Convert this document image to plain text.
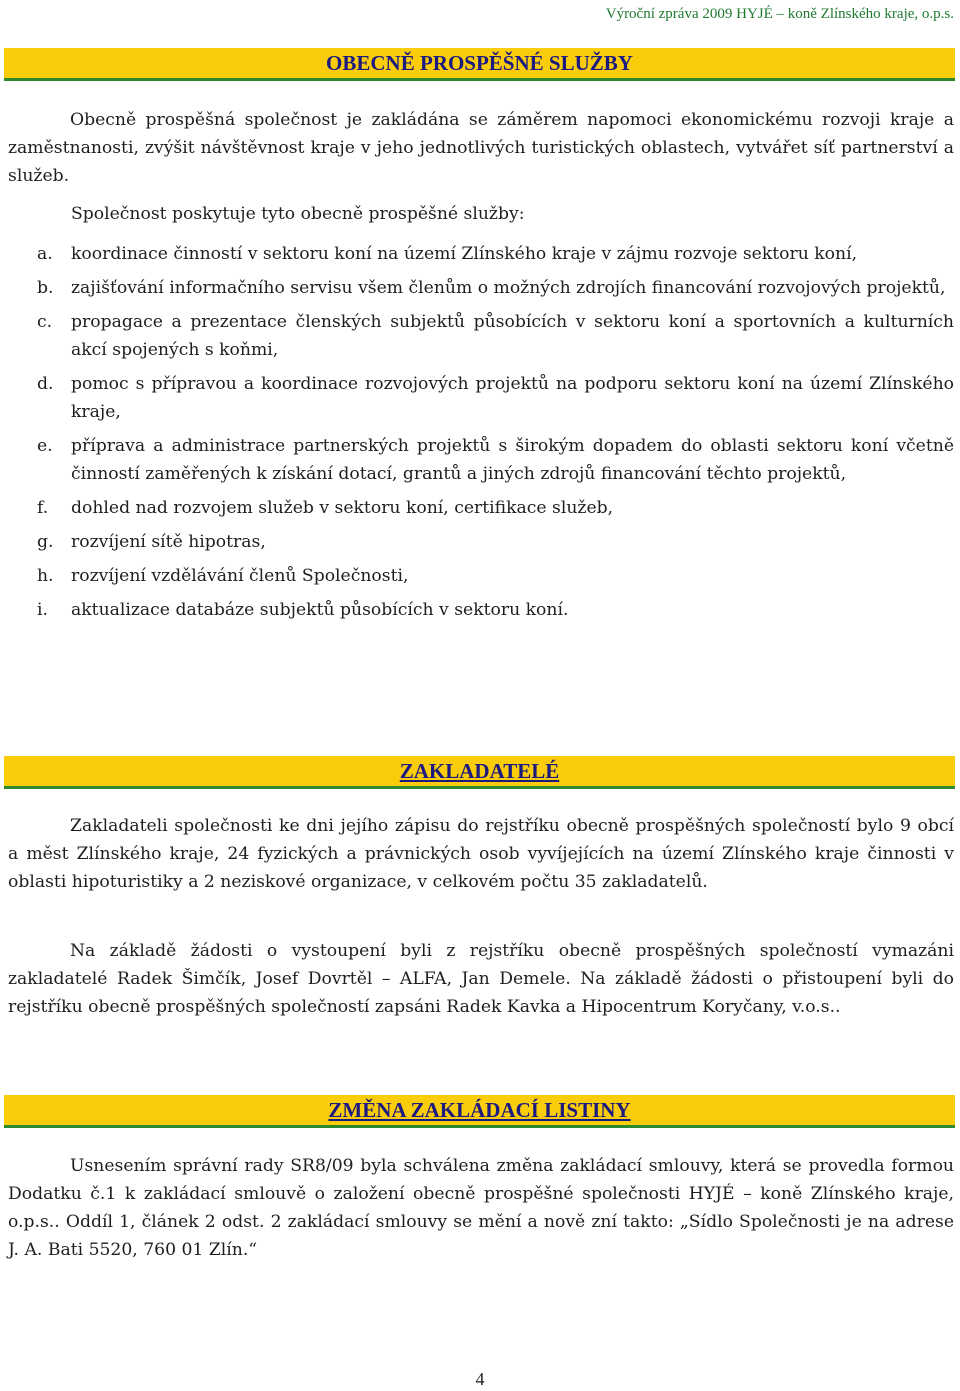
Výroční zpráva 2009 HYJÉ – koně Zlínského kraje, o.p.s.
OBECNĚ PROSPĚŠNÉ SLUŽBY

Obecně prospěšná společnost je zakládána se záměrem napomoci ekonomickému rozvoji kraje a zaměstnanosti, zvýšit návštěvnost kraje v jeho jednotlivých turistických oblastech, vytvářet síť partnerství a služeb.

Společnost poskytuje tyto obecně prospěšné služby:

a. koordinace činností v sektoru koní na území Zlínského kraje v zájmu rozvoje sektoru koní,
b. zajišťování informačního servisu všem členům o možných zdrojích financování rozvojových projektů,
c. propagace a prezentace členských subjektů působících v sektoru koní a sportovních a kulturních akcí spojených s koňmi,
d. pomoc s přípravou a koordinace rozvojových projektů na podporu sektoru koní na území Zlínského kraje,
e. příprava a administrace partnerských projektů s širokým dopadem do oblasti sektoru koní včetně činností zaměřených k získání dotací, grantů a jiných zdrojů financování těchto projektů,
f. dohled nad rozvojem služeb v sektoru koní, certifikace služeb,
g. rozvíjení sítě hipotras,
h. rozvíjení vzdělávání členů Společnosti,
i. aktualizace databáze subjektů působících v sektoru koní.
ZAKLADATELÉ

Zakladateli společnosti ke dni jejího zápisu do rejstříku obecně prospěšných společností bylo 9 obcí a měst Zlínského kraje, 24 fyzických a právnických osob vyvíjejících na území Zlínského kraje činnosti v oblasti hipoturistiky a 2 neziskové organizace, v celkovém počtu 35 zakladatelů.

Na základě žádosti o vystoupení byli z rejstříku obecně prospěšných společností vymazáni zakladatelé Radek Šimčík, Josef Dovrtěl – ALFA, Jan Demele. Na základě žádosti o přistoupení byli do rejstříku obecně prospěšných společností zapsáni Radek Kavka a Hipocentrum Koryčany, v.o.s..

ZMĚNA ZAKLÁDACÍ LISTINY

Usnesením správní rady SR8/09 byla schválena změna zakládací smlouvy, která se provedla formou Dodatku č.1 k zakládací smlouvě o založení obecně prospěšné společnosti HYJÉ – koně Zlínského kraje, o.p.s.. Oddíl 1, článek 2 odst. 2 zakládací smlouvy se mění a nově zní takto: „Sídlo Společnosti je na adrese J. A. Bati 5520, 760 01 Zlín.“

4
